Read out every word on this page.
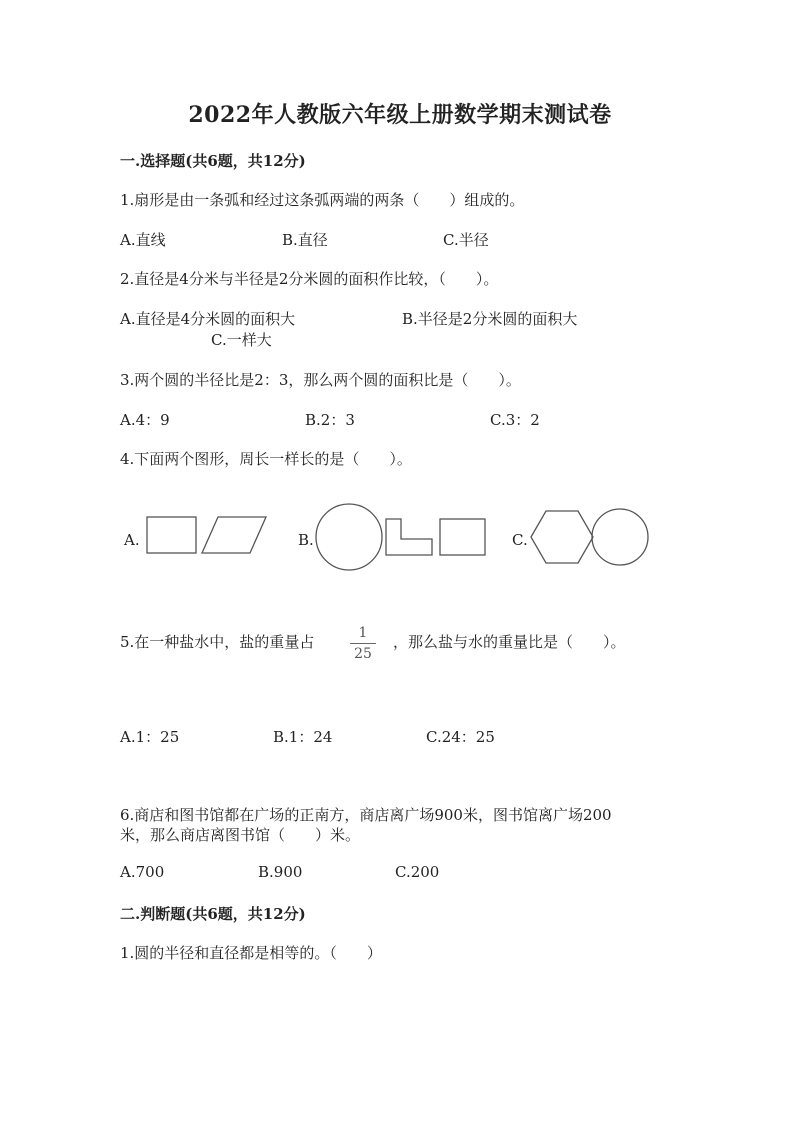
2022年人教版六年级上册数学期末测试卷
一.选择题(共6题，共12分)
1.扇形是由一条弧和经过这条弧两端的两条（　　）组成的。
A.直线	B.直径	C.半径
2.直径是4分米与半径是2分米圆的面积作比较，（　　）。
A.直径是4分米圆的面积大	B.半径是2分米圆的面积大
C.一样大
3.两个圆的半径比是2：3，那么两个圆的面积比是（　　）。
A.4：9	B.2：3	C.3：2
4.下面两个图形，周长一样长的是（　　）。
A.	B.	C.
5.在一种盐水中，盐的重量占	1
25
，那么盐与水的重量比是（　　）。
A.1：25	B.1：24	C.24：25
6.商店和图书馆都在广场的正南方，商店离广场900米，图书馆离广场200
米，那么商店离图书馆（　　）米。
A.700	B.900	C.200
二.判断题(共6题，共12分)
1.圆的半径和直径都是相等的。（　　）
